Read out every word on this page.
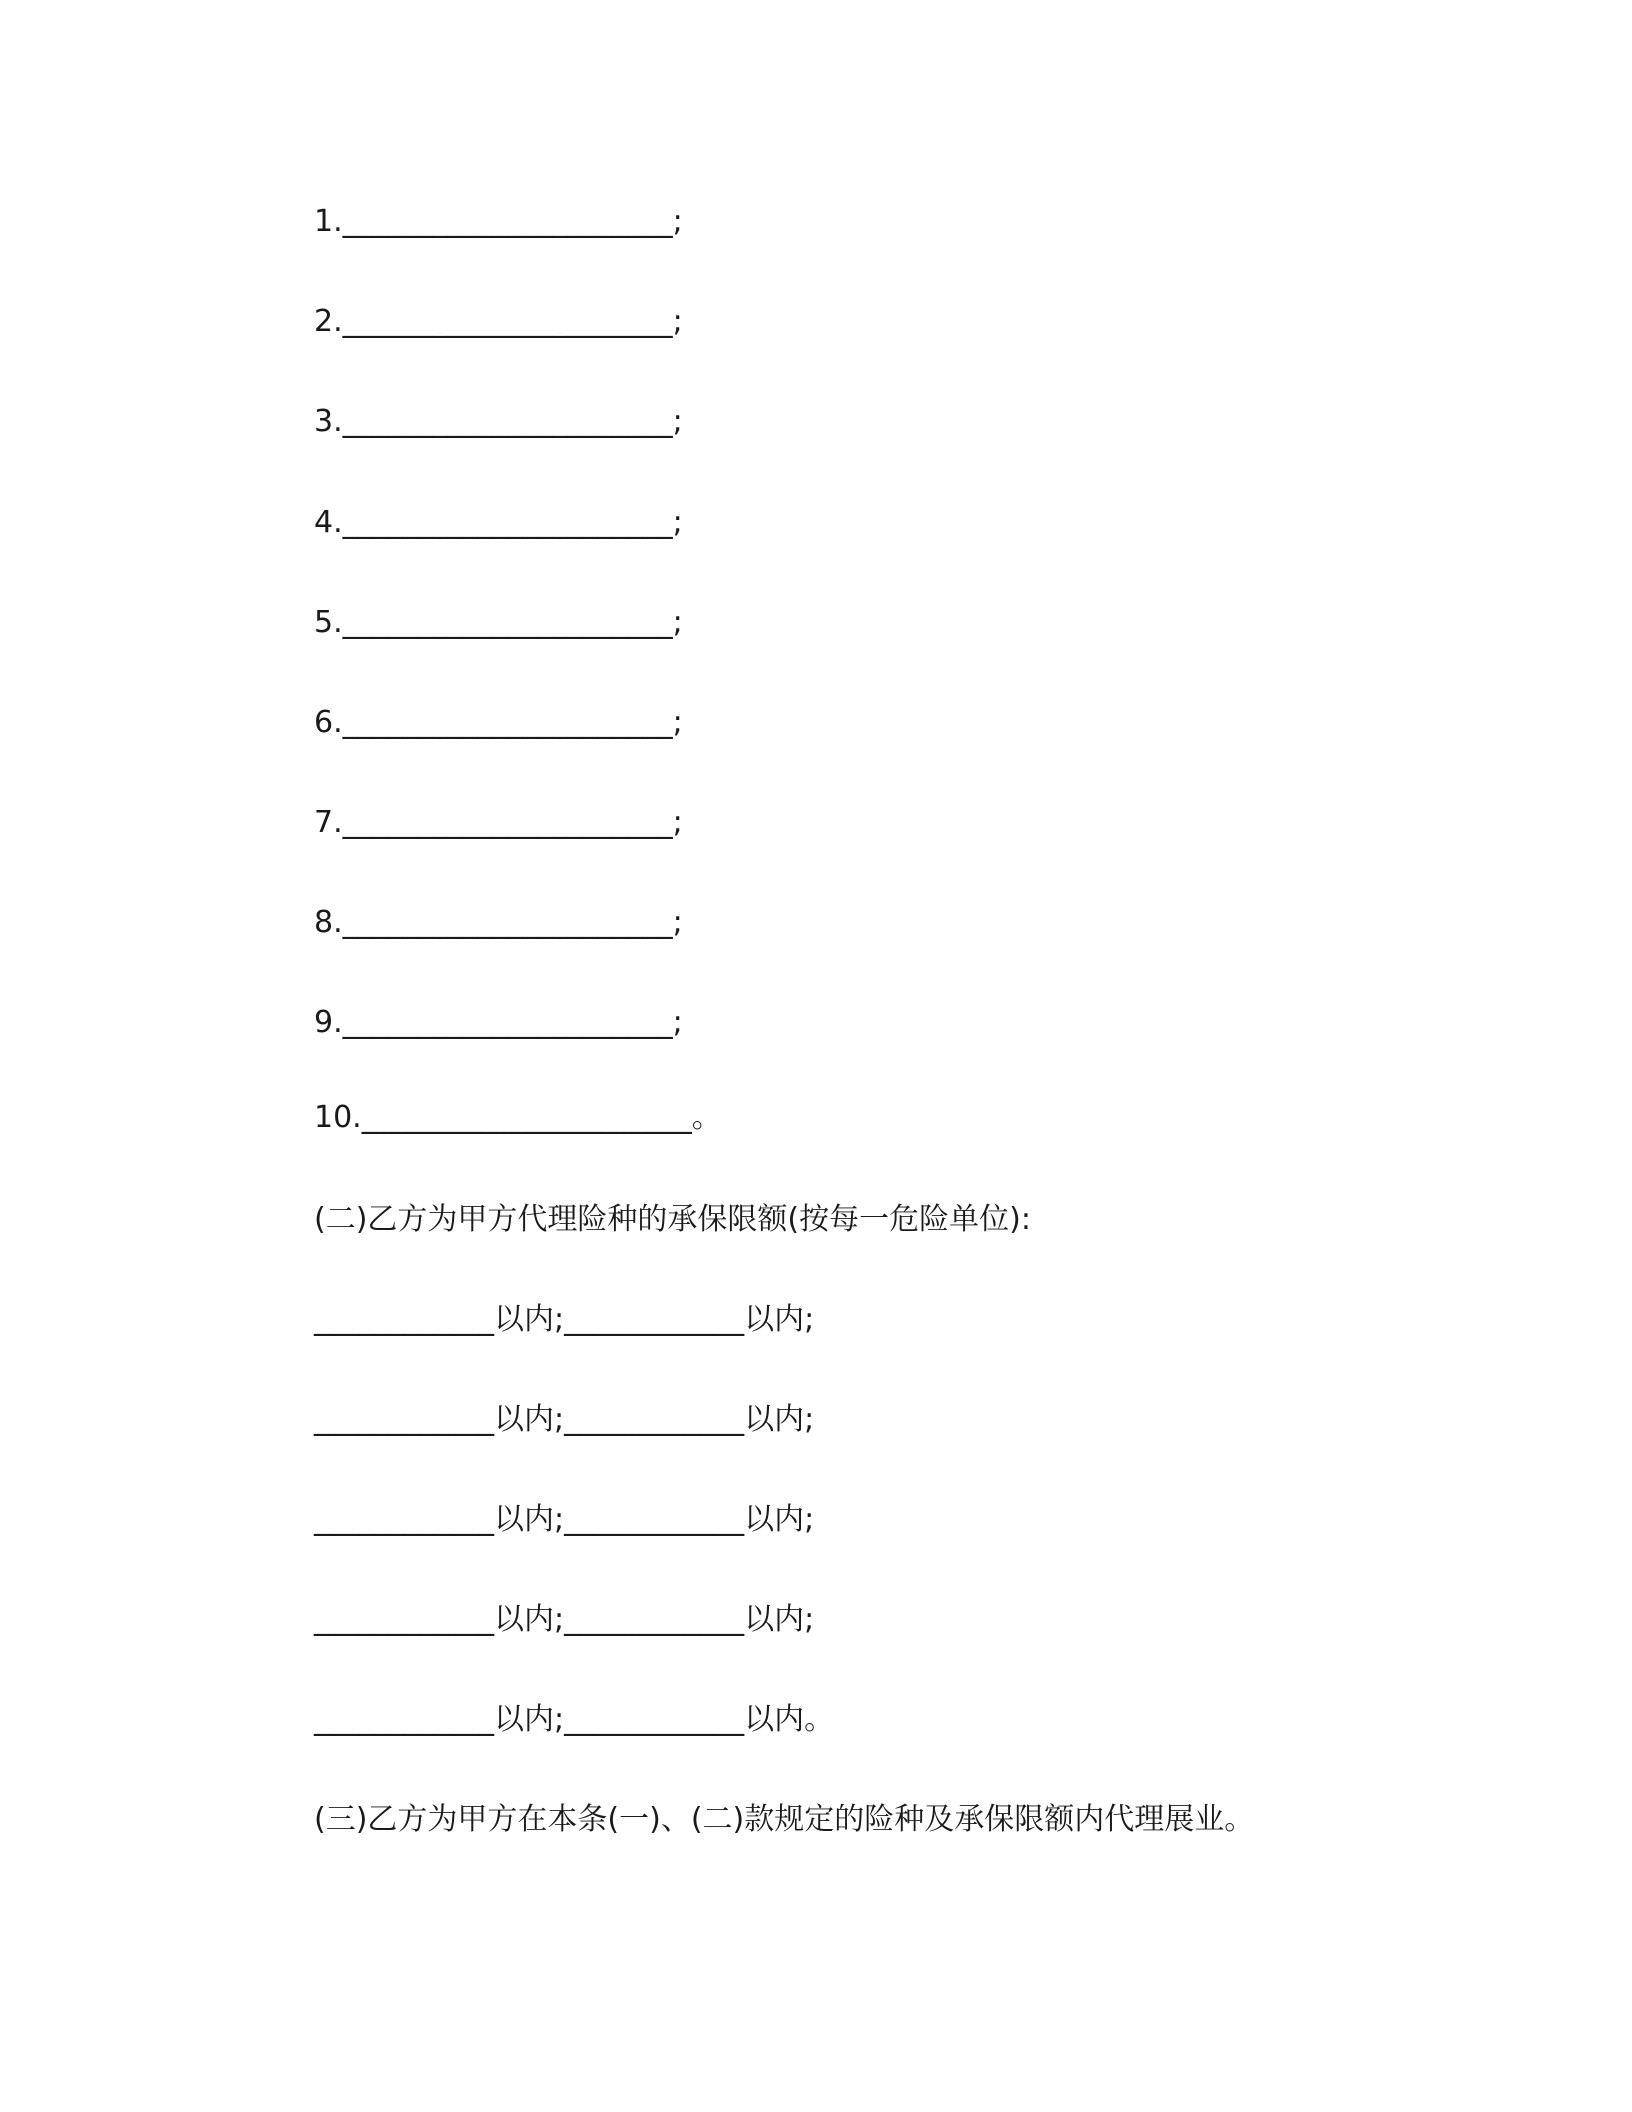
1.______________________;

2.______________________;

3.______________________;

4.______________________;

5.______________________;

6.______________________;

7.______________________;

8.______________________;

9.______________________;

10.______________________。

(二)乙方为甲方代理险种的承保限额(按每一危险单位):

____________以内;____________以内;

____________以内;____________以内;

____________以内;____________以内;

____________以内;____________以内;

____________以内;____________以内。

(三)乙方为甲方在本条(一)、(二)款规定的险种及承保限额内代理展业。
